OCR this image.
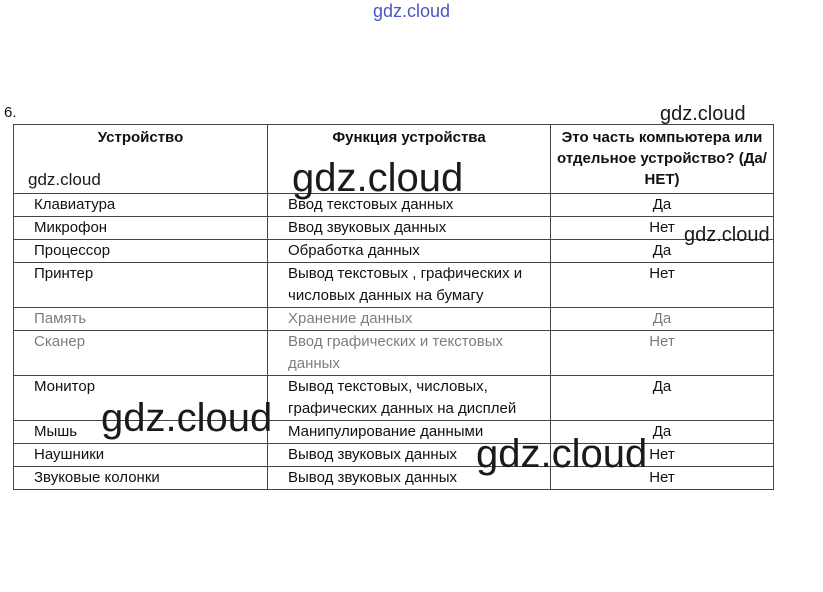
6.
Устройство	Функция устройства	Это часть компьютера или отдельное устройство? (Да/НЕТ)
Клавиатура	Ввод текстовых данных	Да
Микрофон	Ввод звуковых данных	Нет
Процессор	Обработка данных	Да
Принтер	Вывод текстовых , графических и числовых данных на бумагу	Нет
Память	Хранение данных	Да
Сканер	Ввод графических и текстовых данных	Нет
Монитор	Вывод текстовых, числовых, графических данных на дисплей	Да
Мышь	Манипулирование данными	Да
Наушники	Вывод звуковых данных	Нет
Звуковые колонки	Вывод звуковых данных	Нет
gdz.cloud
gdz.cloud
gdz.cloud
gdz.cloud
gdz.cloud
gdz.cloud
gdz.cloud
